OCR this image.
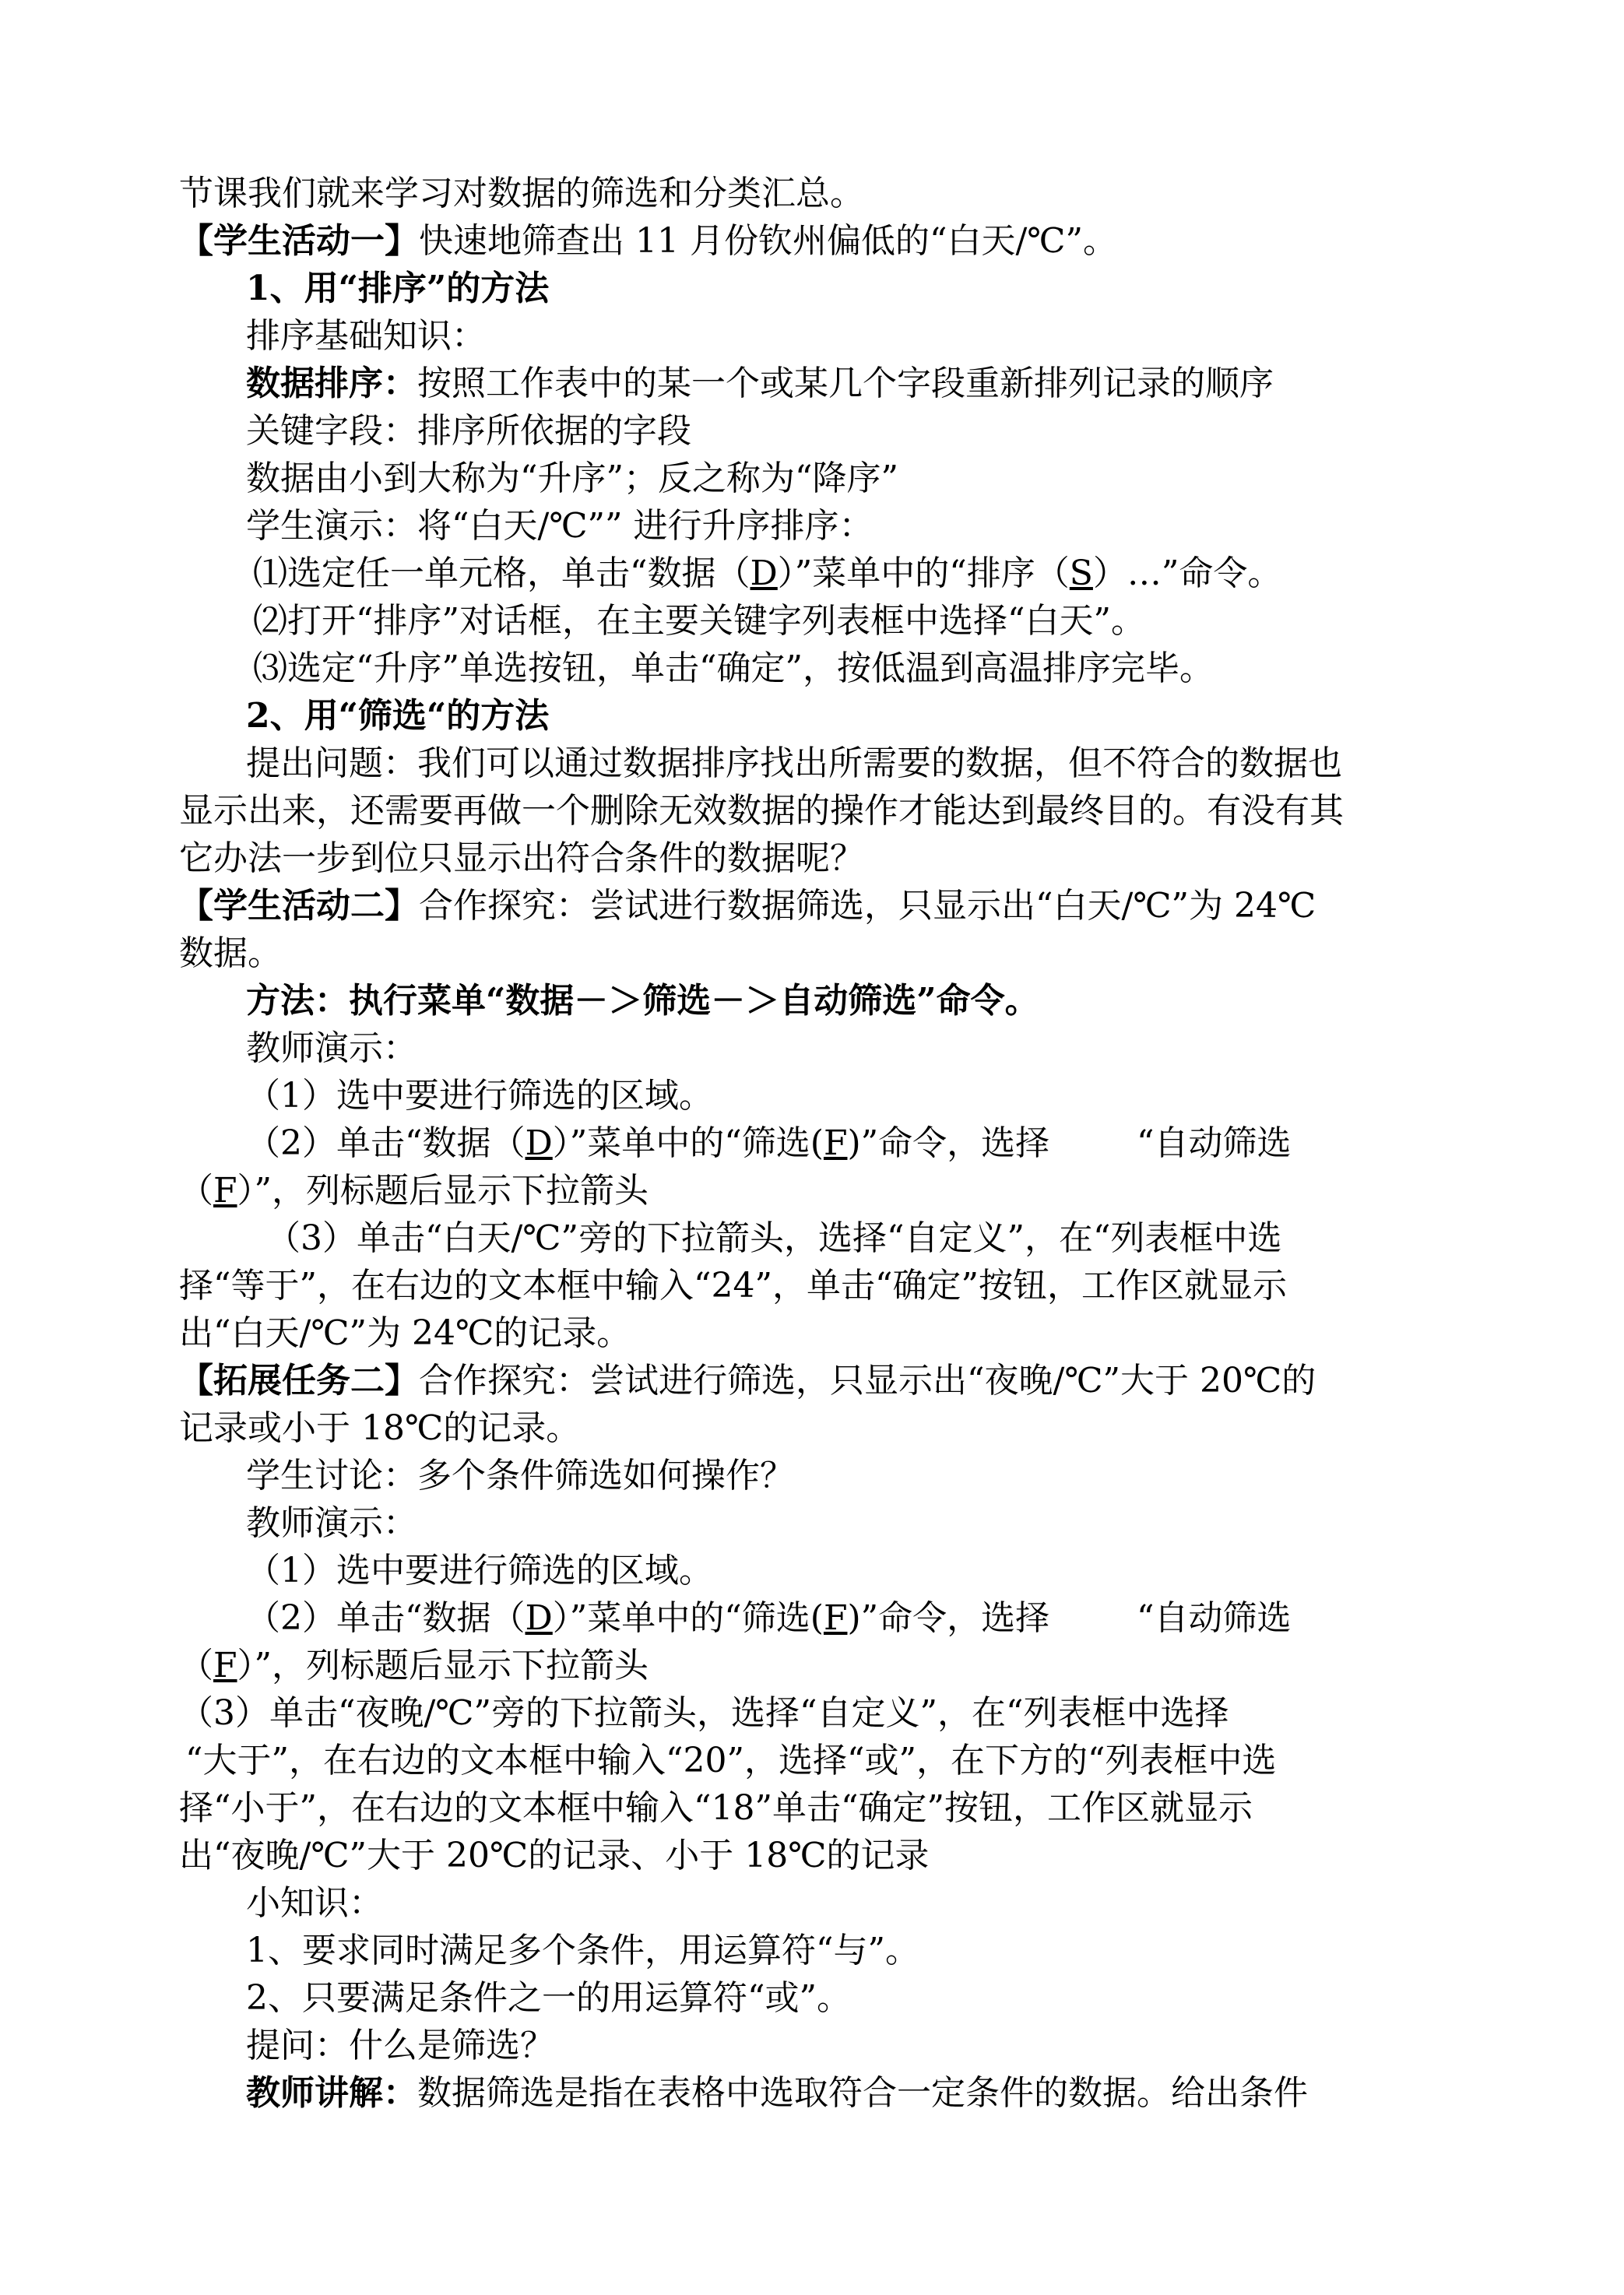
节课我们就来学习对数据的筛选和分类汇总。
【学生活动一】快速地筛查出 11 月份钦州偏低的“白天/℃”。
1、用“排序”的方法
排序基础知识：
数据排序：按照工作表中的某一个或某几个字段重新排列记录的顺序
关键字段：排序所依据的字段
数据由小到大称为“升序”；反之称为“降序”
学生演示：将“白天/℃”” 进行升序排序：
⑴选定任一单元格，单击“数据（D）”菜单中的“排序（S）…”命令。
⑵打开“排序”对话框，在主要关键字列表框中选择“白天”。
⑶选定“升序”单选按钮，单击“确定”，按低温到高温排序完毕。
2、用“筛选“的方法
提出问题：我们可以通过数据排序找出所需要的数据，但不符合的数据也
显示出来，还需要再做一个删除无效数据的操作才能达到最终目的。有没有其
它办法一步到位只显示出符合条件的数据呢？
【学生活动二】合作探究：尝试进行数据筛选，只显示出“白天/℃”为 24℃
数据。
方法：执行菜单“数据－＞筛选－＞自动筛选”命令。
教师演示：
（1）选中要进行筛选的区域。
（2）单击“数据（D）”菜单中的“筛选(F)”命令，选择        “自动筛选
（F）”，列标题后显示下拉箭头
（3）单击“白天/℃”旁的下拉箭头，选择“自定义”，在“列表框中选
择“等于”，在右边的文本框中输入“24”，单击“确定”按钮，工作区就显示
出“白天/℃”为 24℃的记录。
【拓展任务二】合作探究：尝试进行筛选，只显示出“夜晚/℃”大于 20℃的
记录或小于 18℃的记录。
学生讨论：多个条件筛选如何操作？
教师演示：
（1）选中要进行筛选的区域。
（2）单击“数据（D）”菜单中的“筛选(F)”命令，选择        “自动筛选
（F）”，列标题后显示下拉箭头
（3）单击“夜晚/℃”旁的下拉箭头，选择“自定义”，在“列表框中选择
“大于”，在右边的文本框中输入“20”，选择“或”，在下方的“列表框中选
择“小于”，在右边的文本框中输入“18”单击“确定”按钮，工作区就显示
出“夜晚/℃”大于 20℃的记录、小于 18℃的记录
小知识：
1、要求同时满足多个条件，用运算符“与”。
2、只要满足条件之一的用运算符“或”。
提问：什么是筛选？
教师讲解：数据筛选是指在表格中选取符合一定条件的数据。给出条件
